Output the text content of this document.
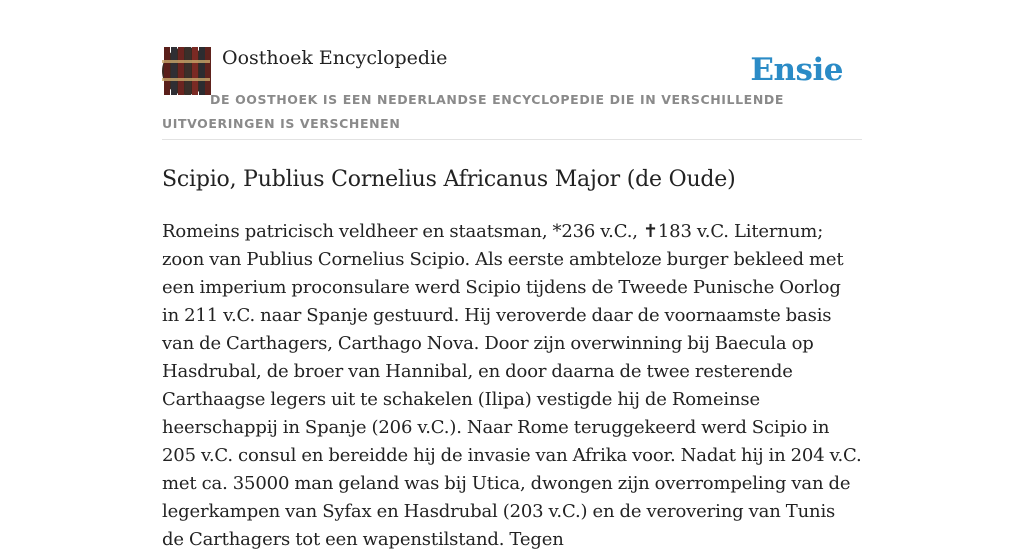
Oosthoek Encyclopedie	Ensie

DE OOSTHOEK IS EEN NEDERLANDSE ENCYCLOPEDIE DIE IN VERSCHILLENDE UITVOERINGEN IS VERSCHENEN

Scipio, Publius Cornelius Africanus Major (de Oude)

Romeins patricisch veldheer en staatsman, *236 v.C., ✝183 v.C. Liternum; zoon van Publius Cornelius Scipio. Als eerste ambteloze burger bekleed met een imperium proconsulare werd Scipio tijdens de Tweede Punische Oorlog in 211 v.C. naar Spanje gestuurd. Hij veroverde daar de voornaamste basis van de Carthagers, Carthago Nova. Door zijn overwinning bij Baecula op Hasdrubal, de broer van Hannibal, en door daarna de twee resterende Carthaagse legers uit te schakelen (Ilipa) vestigde hij de Romeinse heerschappij in Spanje (206 v.C.). Naar Rome teruggekeerd werd Scipio in 205 v.C. consul en bereidde hij de invasie van Afrika voor. Nadat hij in 204 v.C. met ca. 35000 man geland was bij Utica, dwongen zijn overrompeling van de legerkampen van Syfax en Hasdrubal (203 v.C.) en de verovering van Tunis de Carthagers tot een wapenstilstand. Tegen
